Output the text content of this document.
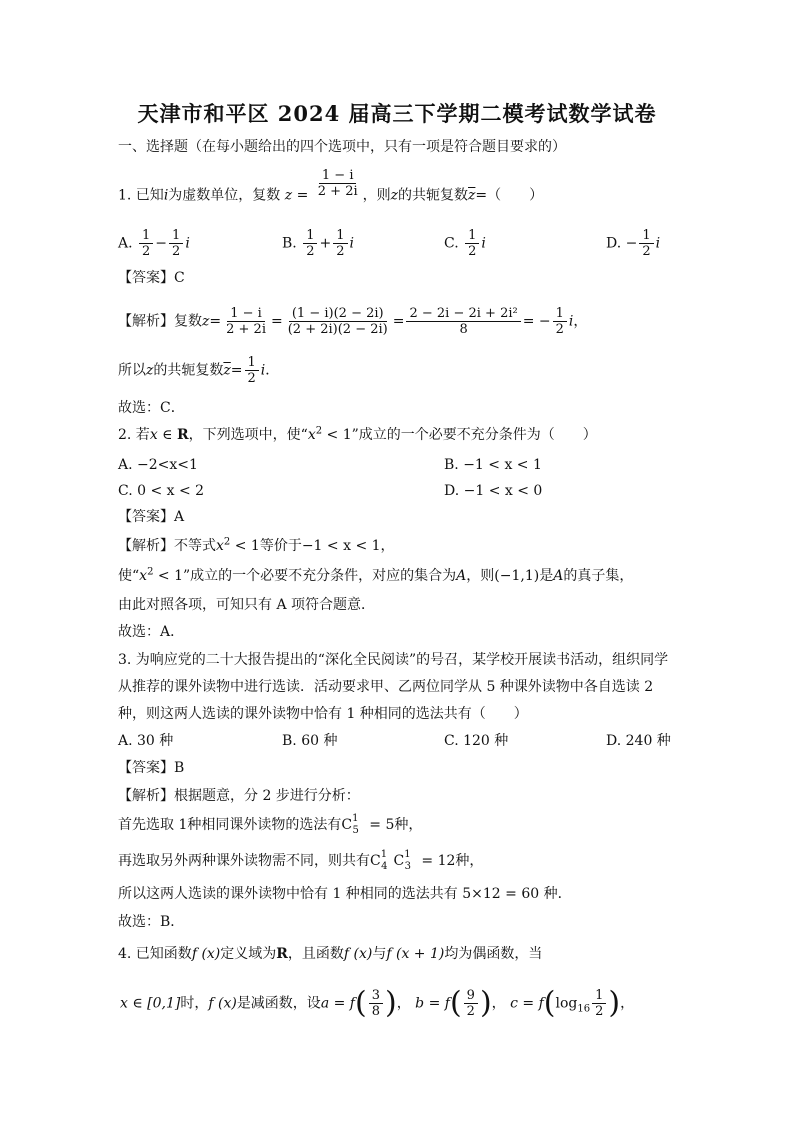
天津市和平区 2024 届高三下学期二模考试数学试卷
一、选择题（在每小题给出的四个选项中，只有一项是符合题目要求的）
1. 已知i为虚数单位，复数 $z = \frac{1 - i}{2 + 2i}$ ，则z的共轭复数$\overline{z}=$（　　）
A. $\frac{1}{2} - \frac{1}{2}$ i	B. $\frac{1}{2} + \frac{1}{2}$ i	C. $\frac{1}{2}$ i	D. − $\frac{1}{2}$ i
【答案】C
【解析】复数$z= \frac{1 - i}{2 + 2i} = \frac{(1 - i)(2 - 2i)}{(2 + 2i)(2 - 2i)} = \frac{\text{2 − 2i − 2i + 2i²}}{8}$ = − $\frac{1}{2}$ i，
所以z的共轭复数$\overline{z}= \frac{1}{2}$ i．
故选：C．
2. 若x ∈ R，下列选项中，使“$x^2 < 1$”成立的一个必要不充分条件为（　　）
A. −2<x<1	B. −1 < x < 1
C. 0 < x < 2	D. −1 < x < 0
【答案】A
【解析】不等式$x^2 < 1$等价于−1 < x < 1，
使“$x^2 < 1$”成立的一个必要不充分条件，对应的集合为A，则(−1,1)是A的真子集，
由此对照各项，可知只有 A 项符合题意．
故选：A．
3. 为响应党的二十大报告提出的“深化全民阅读”的号召，某学校开展读书活动，组织同学
从推荐的课外读物中进行选读．活动要求甲、乙两位同学从 5 种课外读物中各自选读 2
种，则这两人选读的课外读物中恰有 1 种相同的选法共有（　　）
A. 30 种	B. 60 种	C. 120 种	D. 240 种
【答案】B
【解析】根据题意，分 2 步进行分析：
首先选取 1种相同课外读物的选法有$C_{15} = 5$种，
再选取另外两种课外读物需不同，则共有$C_{14}$ $C_{13} = 12$种，
所以这两人选读的课外读物中恰有 1 种相同的选法共有 5×12 = 60 种．
故选：B．
4. 已知函数f (x)定义域为R，且函数f (x)与f (x + 1)均为偶函数，当
x ∈ [0,1]时，f (x)是减函数，设$a = f( \frac{3}{8}$ )， $b = f( \frac{9}{2}$ )， $c = f(\log_{16} \frac{1}{2}$ )，
